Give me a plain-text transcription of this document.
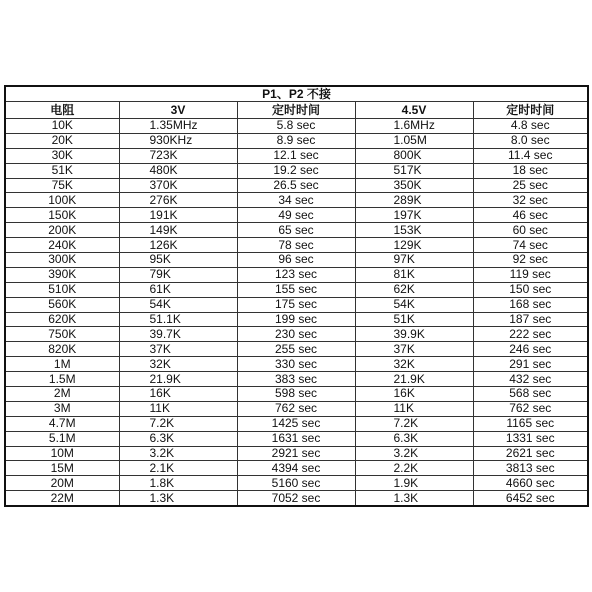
P1、P2 不接				
电阻	3V	定时时间	4.5V	定时时间
10K	1.35MHz	5.8 sec	1.6MHz	4.8 sec
20K	930KHz	8.9 sec	1.05M	8.0 sec
30K	723K	12.1 sec	800K	11.4 sec
51K	480K	19.2 sec	517K	18 sec
75K	370K	26.5 sec	350K	25 sec
100K	276K	34 sec	289K	32 sec
150K	191K	49 sec	197K	46 sec
200K	149K	65 sec	153K	60 sec
240K	126K	78 sec	129K	74 sec
300K	95K	96 sec	97K	92 sec
390K	79K	123 sec	81K	119 sec
510K	61K	155 sec	62K	150 sec
560K	54K	175 sec	54K	168 sec
620K	51.1K	199 sec	51K	187 sec
750K	39.7K	230 sec	39.9K	222 sec
820K	37K	255 sec	37K	246 sec
1M	32K	330 sec	32K	291 sec
1.5M	21.9K	383 sec	21.9K	432 sec
2M	16K	598 sec	16K	568 sec
3M	11K	762 sec	11K	762 sec
4.7M	7.2K	1425 sec	7.2K	1165 sec
5.1M	6.3K	1631 sec	6.3K	1331 sec
10M	3.2K	2921 sec	3.2K	2621 sec
15M	2.1K	4394 sec	2.2K	3813 sec
20M	1.8K	5160 sec	1.9K	4660 sec
22M	1.3K	7052 sec	1.3K	6452 sec
